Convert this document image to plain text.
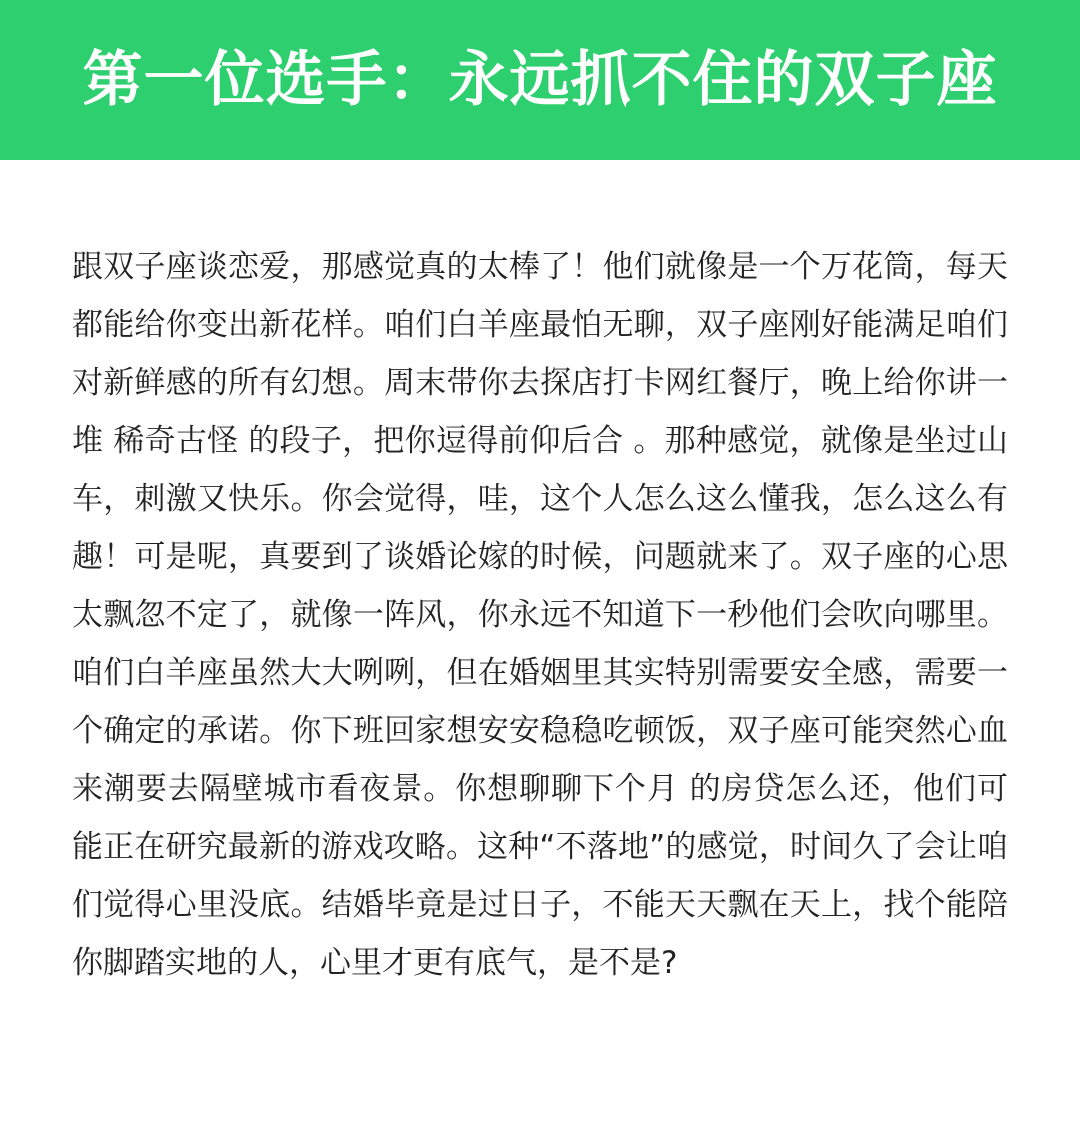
第一位选手：永远抓不住的双子座

跟双子座谈恋爱，那感觉真的太棒了！他们就像是一个万花筒，每天都能给你变出新花样。咱们白羊座最怕无聊，双子座刚好能满足咱们对新鲜感的所有幻想。周末带你去探店打卡网红餐厅，晚上给你讲一堆 稀奇古怪 的段子，把你逗得前仰后合 。那种感觉，就像是坐过山车，刺激又快乐。你会觉得，哇，这个人怎么这么懂我，怎么这么有趣！可是呢，真要到了谈婚论嫁的时候，问题就来了。双子座的心思太飘忽不定了，就像一阵风，你永远不知道下一秒他们会吹向哪里。咱们白羊座虽然大大咧咧，但在婚姻里其实特别需要安全感，需要一个确定的承诺。你下班回家想安安稳稳吃顿饭，双子座可能突然心血来潮要去隔壁城市看夜景。你想聊聊下个月 的房贷怎么还，他们可能正在研究最新的游戏攻略。这种“不落地”的感觉，时间久了会让咱们觉得心里没底。结婚毕竟是过日子，不能天天飘在天上，找个能陪你脚踏实地的人，心里才更有底气，是不是?
